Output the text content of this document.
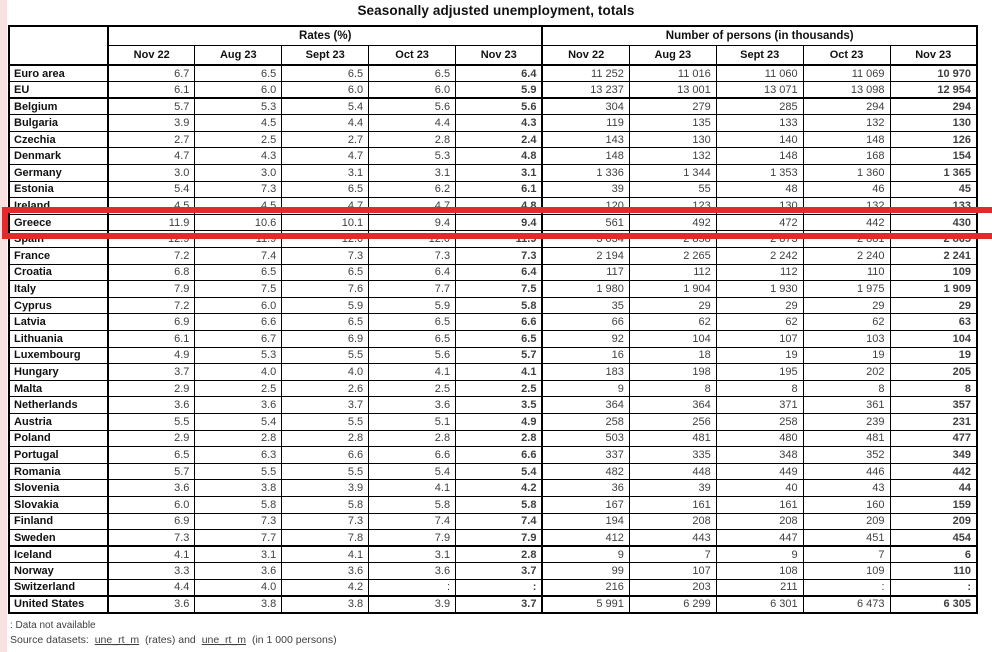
Seasonally adjusted unemployment, totals
	Rates (%)					Number of persons (in thousands)				
	Nov 22	Aug 23	Sept 23	Oct 23	Nov 23	Nov 22	Aug 23	Sept 23	Oct 23	Nov 23
Euro area	6.7	6.5	6.5	6.5	6.4	11 252	11 016	11 060	11 069	10 970
EU	6.1	6.0	6.0	6.0	5.9	13 237	13 001	13 071	13 098	12 954
Belgium	5.7	5.3	5.4	5.6	5.6	304	279	285	294	294
Bulgaria	3.9	4.5	4.4	4.4	4.3	119	135	133	132	130
Czechia	2.7	2.5	2.7	2.8	2.4	143	130	140	148	126
Denmark	4.7	4.3	4.7	5.3	4.8	148	132	148	168	154
Germany	3.0	3.0	3.1	3.1	3.1	1 336	1 344	1 353	1 360	1 365
Estonia	5.4	7.3	6.5	6.2	6.1	39	55	48	46	45
Ireland	4.5	4.5	4.7	4.7	4.8	120	123	130	132	133
Greece	11.9	10.6	10.1	9.4	9.4	561	492	472	442	430
Spain	12.9	11.9	12.0	12.0	11.9	3 034	2 858	2 873	2 881	2 865
France	7.2	7.4	7.3	7.3	7.3	2 194	2 265	2 242	2 240	2 241
Croatia	6.8	6.5	6.5	6.4	6.4	117	112	112	110	109
Italy	7.9	7.5	7.6	7.7	7.5	1 980	1 904	1 930	1 975	1 909
Cyprus	7.2	6.0	5.9	5.9	5.8	35	29	29	29	29
Latvia	6.9	6.6	6.5	6.5	6.6	66	62	62	62	63
Lithuania	6.1	6.7	6.9	6.5	6.5	92	104	107	103	104
Luxembourg	4.9	5.3	5.5	5.6	5.7	16	18	19	19	19
Hungary	3.7	4.0	4.0	4.1	4.1	183	198	195	202	205
Malta	2.9	2.5	2.6	2.5	2.5	9	8	8	8	8
Netherlands	3.6	3.6	3.7	3.6	3.5	364	364	371	361	357
Austria	5.5	5.4	5.5	5.1	4.9	258	256	258	239	231
Poland	2.9	2.8	2.8	2.8	2.8	503	481	480	481	477
Portugal	6.5	6.3	6.6	6.6	6.6	337	335	348	352	349
Romania	5.7	5.5	5.5	5.4	5.4	482	448	449	446	442
Slovenia	3.6	3.8	3.9	4.1	4.2	36	39	40	43	44
Slovakia	6.0	5.8	5.8	5.8	5.8	167	161	161	160	159
Finland	6.9	7.3	7.3	7.4	7.4	194	208	208	209	209
Sweden	7.3	7.7	7.8	7.9	7.9	412	443	447	451	454
Iceland	4.1	3.1	4.1	3.1	2.8	9	7	9	7	6
Norway	3.3	3.6	3.6	3.6	3.7	99	107	108	109	110
Switzerland	4.4	4.0	4.2	:	:	216	203	211	:	:
United States	3.6	3.8	3.8	3.9	3.7	5 991	6 299	6 301	6 473	6 305
: Data not available
Source datasets: une_rt_m (rates) and une_rt_m (in 1 000 persons)
